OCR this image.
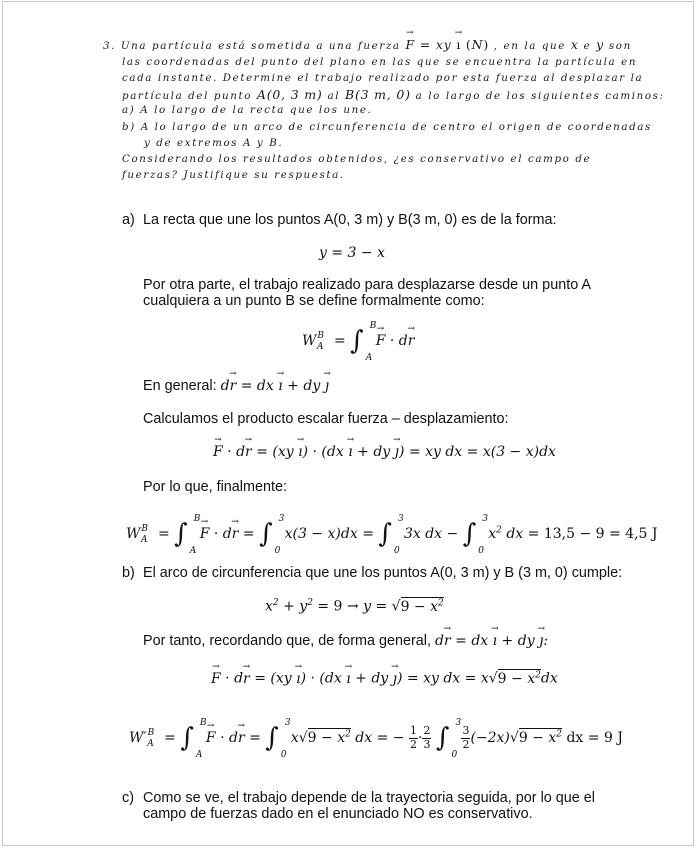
3. Una partícula está sometida a una fuerza F → = xy ı → (N) , en la que x e y son
las coordenadas del punto del plano en las que se encuentra la partícula en
cada instante. Determine el trabajo realizado por esta fuerza al desplazar la
partícula del punto A(0, 3 m) al B(3 m, 0) a lo largo de los siguientes caminos:
a) A lo largo de la recta que los une.
b) A lo largo de un arco de circunferencia de centro el origen de coordenadas
y de extremos A y B.
Considerando los resultados obtenidos, ¿es conservativo el campo de
fuerzas? Justifique su respuesta.
a) La recta que une los puntos A(0, 3 m) y B(3 m, 0) es de la forma:
y = 3 − x
Por otra parte, el trabajo realizado para desplazarse desde un punto A
cualquiera a un punto B se define formalmente como:
$W^B_A$ = ∫ B
A
F → · dr →
En general: dr → = dx ı → + dy ȷ →
Calculamos el producto escalar fuerza – desplazamiento:
F → · dr → = (xy ı →) · (dx ı → + dy ȷ →) = xy dx = x(3 − x)dx
Por lo que, finalmente:
$W^B_A$ = ∫ B
A
F → · dr → = ∫ 3
0
x(3 − x)dx = ∫ 3
0
3x dx − ∫ 3
0
$x^2$ dx = 13,5 − 9 = 4,5 J
b) El arco de circunferencia que une los puntos A(0, 3 m) y B (3 m, 0) cumple:
$x^2 + y^2 = 9 \to y = √9 - x^2$
Por tanto, recordando que, de forma general, dr → = dx ı → + dy ȷ →:
F → · dr → = (xy ı →) · (dx ı → + dy ȷ →) = xy dx = $x√9 - x^2dx$
$W'^B_A$ = ∫ B
A
F → · dr → = ∫ 3
0
$x√9 - x^2$ dx = − $\frac{1}{2}\cdot \frac{2}{3}$ ∫ 3
0
$\frac{3}{2}(-2x)√9 - x^2$ dx = 9 J
c) Como se ve, el trabajo depende de la trayectoria seguida, por lo que el
campo de fuerzas dado en el enunciado NO es conservativo.
